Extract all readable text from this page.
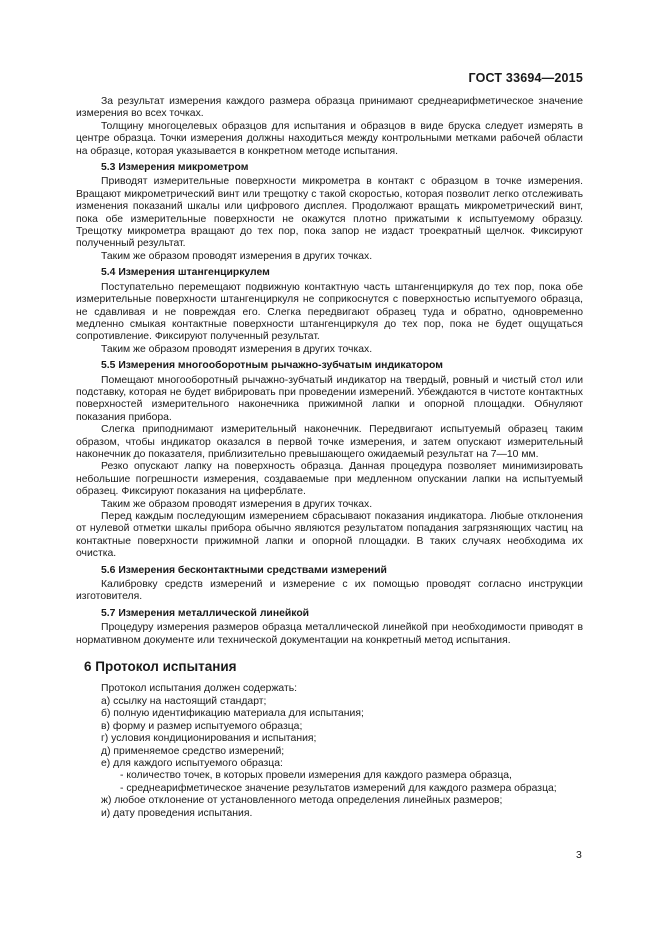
ГОСТ 33694—2015

За результат измерения каждого размера образца принимают среднеарифметическое значение измерения во всех точках.

Толщину многоцелевых образцов для испытания и образцов в виде бруска следует измерять в центре образца. Точки измерения должны находиться между контрольными метками рабочей области на образце, которая указывается в конкретном методе испытания.

5.3 Измерения микрометром

Приводят измерительные поверхности микрометра в контакт с образцом в точке измерения. Вращают микрометрический винт или трещотку с такой скоростью, которая позволит легко отслеживать изменения показаний шкалы или цифрового дисплея. Продолжают вращать микрометрический винт, пока обе измерительные поверхности не окажутся плотно прижатыми к испытуемому образцу. Трещотку микрометра вращают до тех пор, пока запор не издаст троекратный щелчок. Фиксируют полученный результат.

Таким же образом проводят измерения в других точках.

5.4 Измерения штангенциркулем

Поступательно перемещают подвижную контактную часть штангенциркуля до тех пор, пока обе измерительные поверхности штангенциркуля не соприкоснутся с поверхностью испытуемого образца, не сдавливая и не повреждая его. Слегка передвигают образец туда и обратно, одновременно медленно смыкая контактные поверхности штангенциркуля до тех пор, пока не будет ощущаться сопротивление. Фиксируют полученный результат.

Таким же образом проводят измерения в других точках.

5.5 Измерения многооборотным рычажно-зубчатым индикатором

Помещают многооборотный рычажно-зубчатый индикатор на твердый, ровный и чистый стол или подставку, которая не будет вибрировать при проведении измерений. Убеждаются в чистоте контактных поверхностей измерительного наконечника прижимной лапки и опорной площадки. Обнуляют показания прибора.

Слегка приподнимают измерительный наконечник. Передвигают испытуемый образец таким образом, чтобы индикатор оказался в первой точке измерения, и затем опускают измерительный наконечник до показателя, приблизительно превышающего ожидаемый результат на 7—10 мм.

Резко опускают лапку на поверхность образца. Данная процедура позволяет минимизировать небольшие погрешности измерения, создаваемые при медленном опускании лапки на испытуемый образец. Фиксируют показания на циферблате.

Таким же образом проводят измерения в других точках.

Перед каждым последующим измерением сбрасывают показания индикатора. Любые отклонения от нулевой отметки шкалы прибора обычно являются результатом попадания загрязняющих частиц на контактные поверхности прижимной лапки и опорной площадки. В таких случаях необходима их очистка.

5.6 Измерения бесконтактными средствами измерений

Калибровку средств измерений и измерение с их помощью проводят согласно инструкции изготовителя.

5.7 Измерения металлической линейкой

Процедуру измерения размеров образца металлической линейкой при необходимости приводят в нормативном документе или технической документации на конкретный метод испытания.

6 Протокол испытания

Протокол испытания должен содержать:

а) ссылку на настоящий стандарт;

б) полную идентификацию материала для испытания;

в) форму и размер испытуемого образца;

г) условия кондиционирования и испытания;

д) применяемое средство измерений;

е) для каждого испытуемого образца:

- количество точек, в которых провели измерения для каждого размера образца,

- среднеарифметическое значение результатов измерений для каждого размера образца;

ж) любое отклонение от установленного метода определения линейных размеров;

и) дату проведения испытания.

3
